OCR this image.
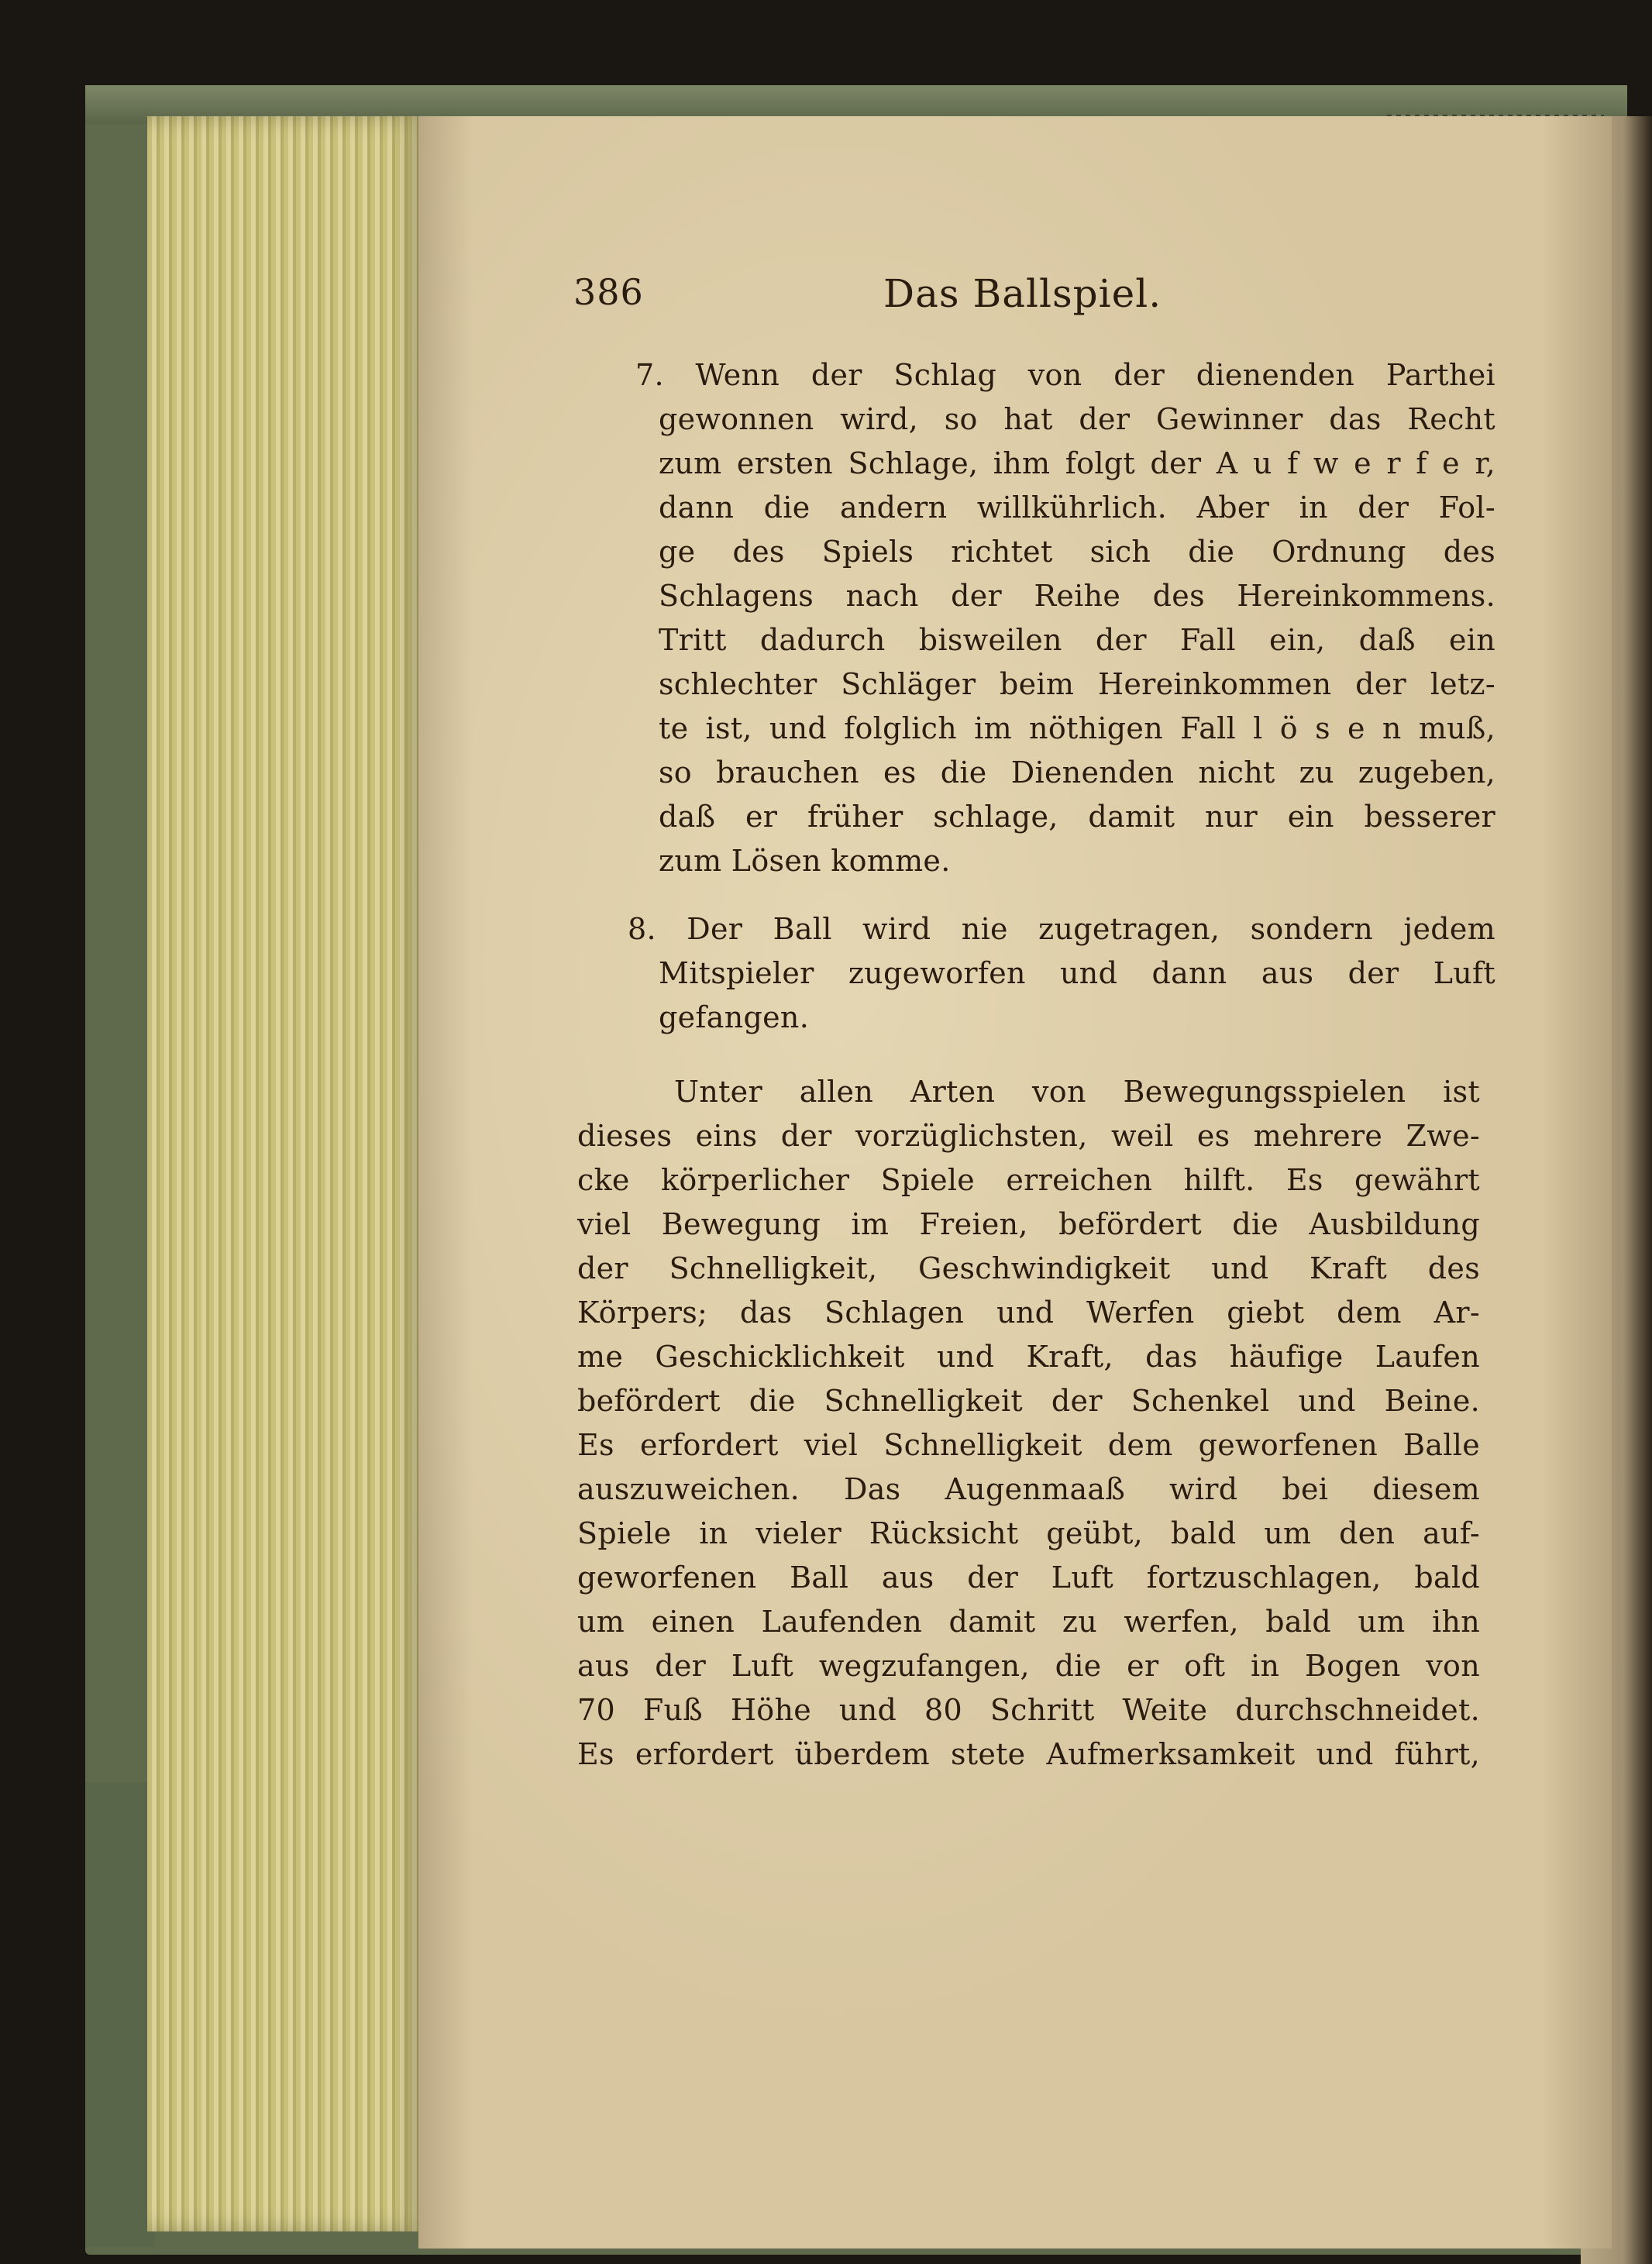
386	Das Ballspiel.
7. Wenn der Schlag von der dienenden Parthei
gewonnen wird, so hat der Gewinner das Recht
zum ersten Schlage, ihm folgt der A u f w e r f e r,
dann die andern willkührlich. Aber in der Fol-
ge des Spiels richtet sich die Ordnung des
Schlagens nach der Reihe des Hereinkommens.
Tritt dadurch bisweilen der Fall ein, daß ein
schlechter Schläger beim Hereinkommen der letz-
te ist, und folglich im nöthigen Fall l ö s e n muß,
so brauchen es die Dienenden nicht zu zugeben,
daß er früher schlage, damit nur ein besserer
zum Lösen komme.
8. Der Ball wird nie zugetragen, sondern jedem
Mitspieler zugeworfen und dann aus der Luft
gefangen.
Unter allen Arten von Bewegungsspielen ist
dieses eins der vorzüglichsten, weil es mehrere Zwe-
cke körperlicher Spiele erreichen hilft. Es gewährt
viel Bewegung im Freien, befördert die Ausbildung
der Schnelligkeit, Geschwindigkeit und Kraft des
Körpers; das Schlagen und Werfen giebt dem Ar-
me Geschicklichkeit und Kraft, das häufige Laufen
befördert die Schnelligkeit der Schenkel und Beine.
Es erfordert viel Schnelligkeit dem geworfenen Balle
auszuweichen. Das Augenmaaß wird bei diesem
Spiele in vieler Rücksicht geübt, bald um den auf-
geworfenen Ball aus der Luft fortzuschlagen, bald
um einen Laufenden damit zu werfen, bald um ihn
aus der Luft wegzufangen, die er oft in Bogen von
70 Fuß Höhe und 80 Schritt Weite durchschneidet.
Es erfordert überdem stete Aufmerksamkeit und führt,
